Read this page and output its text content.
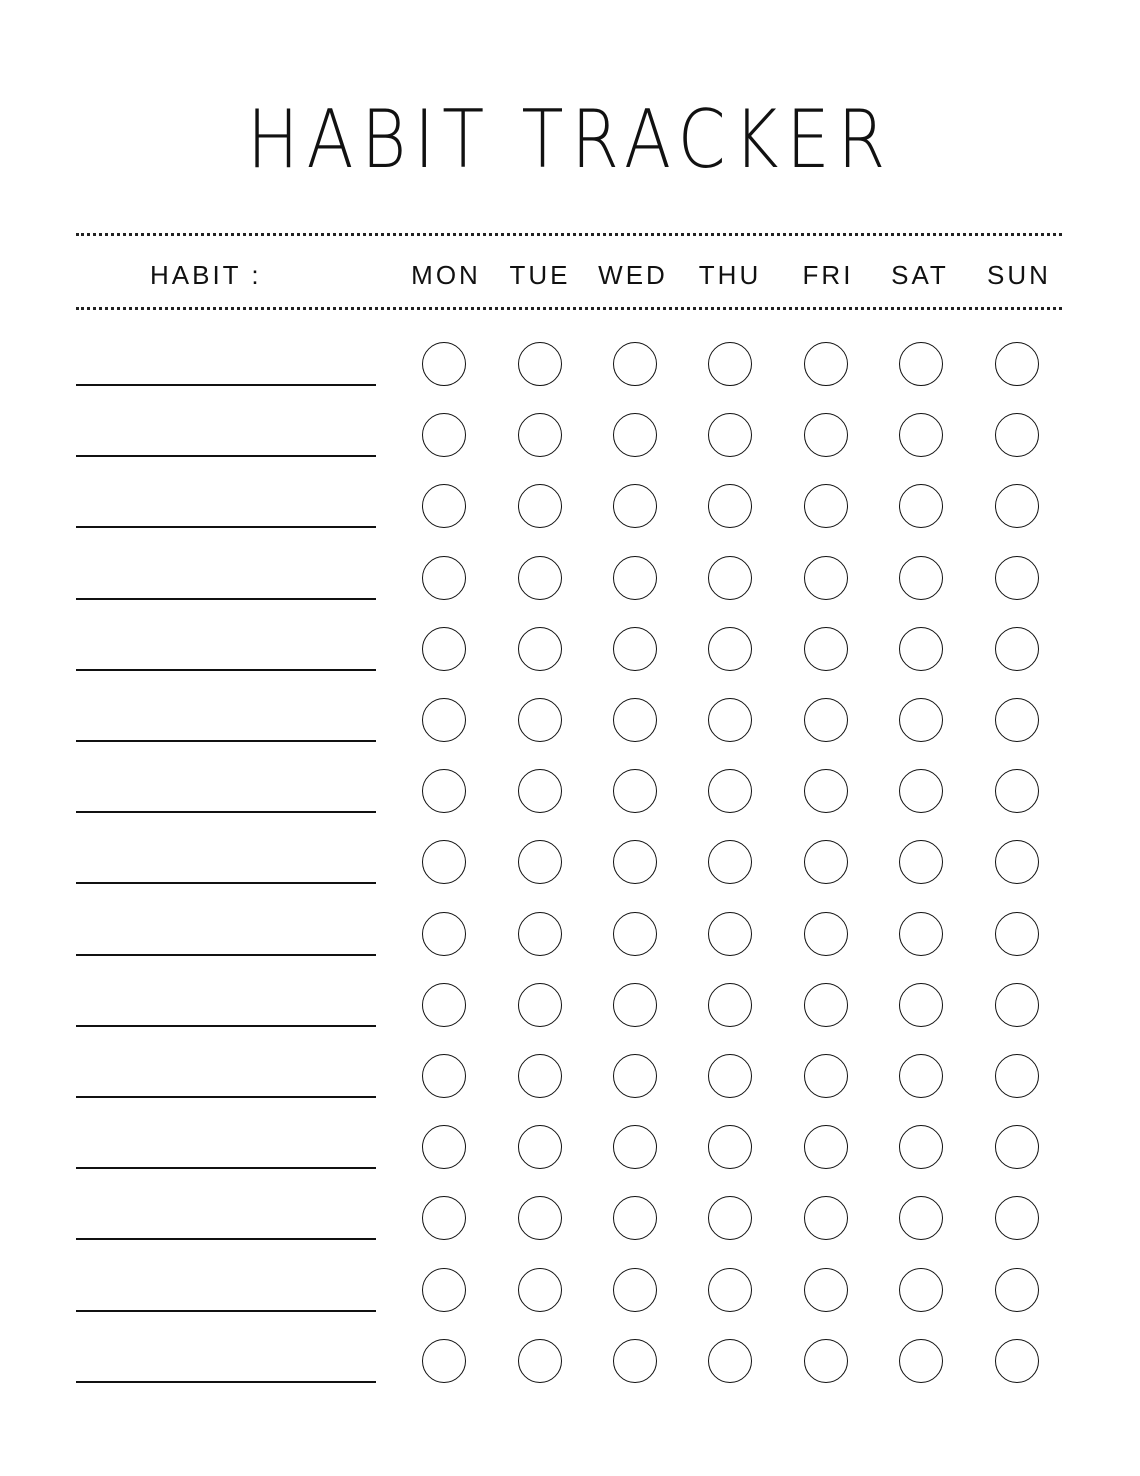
HABIT TRACKER
HABIT :	MON	TUE	WED	THU	FRI	SAT	SUN
